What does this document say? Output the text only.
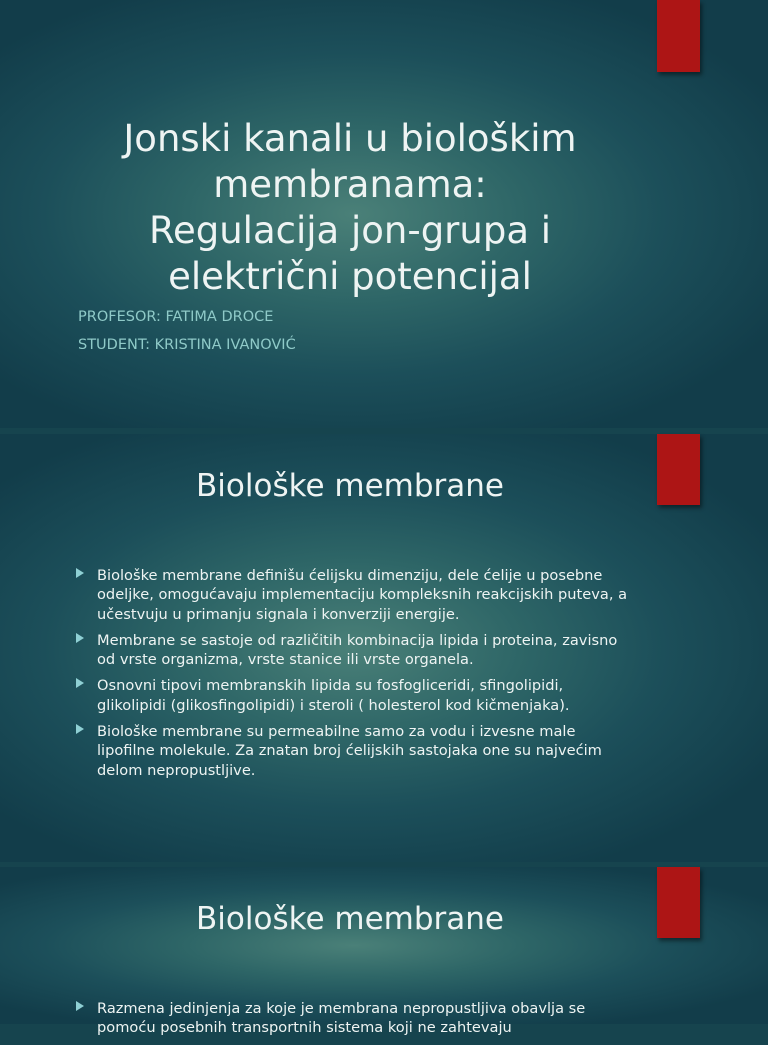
Jonski kanali u biološkim
membranama:
Regulacija jon-grupa i
električni potencijal
PROFESOR: FATIMA DROCE
STUDENT: KRISTINA IVANOVIĆ
Biološke membrane
Biološke membrane definišu ćelijsku dimenziju, dele ćelije u posebne odeljke, omogućavaju implementaciju kompleksnih reakcijskih puteva, a učestvuju u primanju signala i konverziji energije.
Membrane se sastoje od različitih kombinacija lipida i proteina, zavisno od vrste organizma, vrste stanice ili vrste organela.
Osnovni tipovi membranskih lipida su fosfogliceridi, sfingolipidi, glikolipidi (glikosfingolipidi) i steroli ( holesterol kod kičmenjaka).
Biološke membrane su permeabilne samo za vodu i izvesne male lipofilne molekule. Za znatan broj ćelijskih sastojaka one su najvećim delom nepropustljive.
Biološke membrane
Razmena jedinjenja za koje je membrana nepropustljiva obavlja se pomoću posebnih transportnih sistema koji ne zahtevaju
